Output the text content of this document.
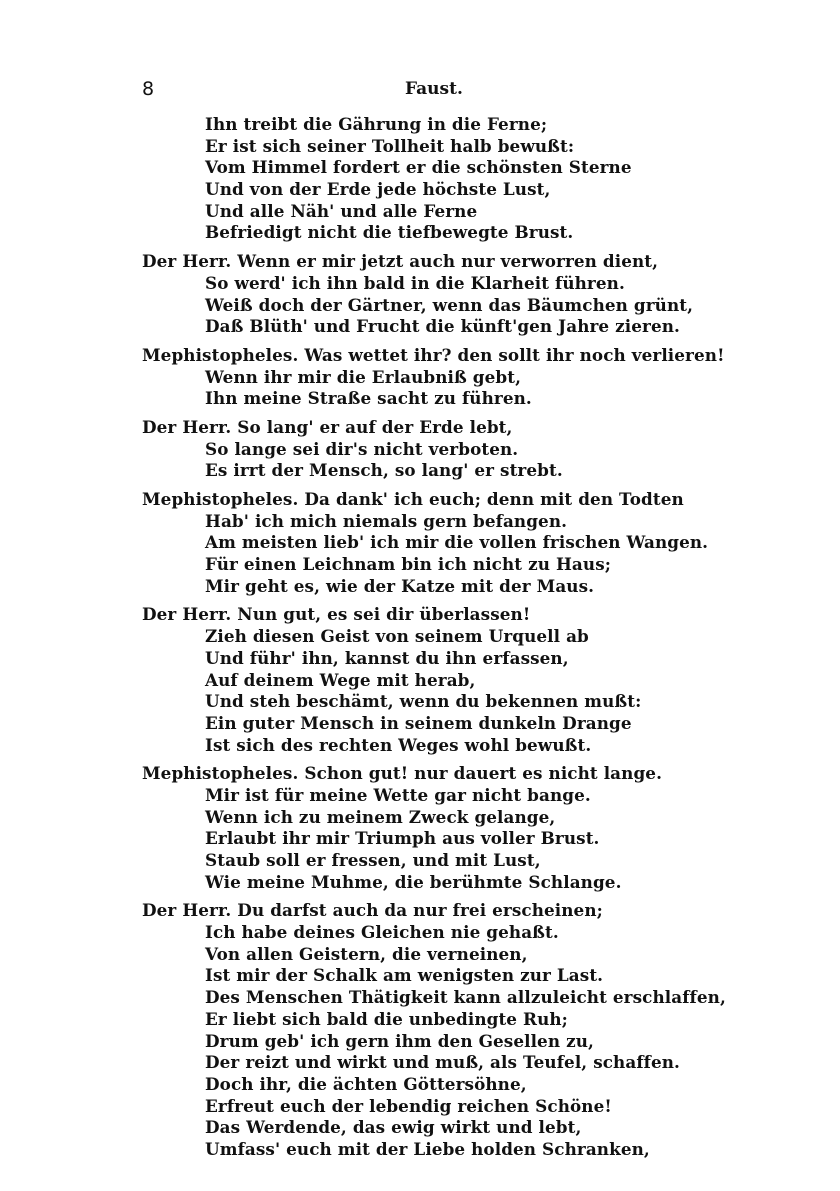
8	Faust.
Ihn treibt die Gährung in die Ferne;
Er ist sich seiner Tollheit halb bewußt:
Vom Himmel fordert er die schönsten Sterne
Und von der Erde jede höchste Lust,
Und alle Näh' und alle Ferne
Befriedigt nicht die tiefbewegte Brust.
Der Herr. Wenn er mir jetzt auch nur verworren dient,
So werd' ich ihn bald in die Klarheit führen.
Weiß doch der Gärtner, wenn das Bäumchen grünt,
Daß Blüth' und Frucht die künft'gen Jahre zieren.
Mephistopheles. Was wettet ihr? den sollt ihr noch verlieren!
Wenn ihr mir die Erlaubniß gebt,
Ihn meine Straße sacht zu führen.
Der Herr. So lang' er auf der Erde lebt,
So lange sei dir's nicht verboten.
Es irrt der Mensch, so lang' er strebt.
Mephistopheles. Da dank' ich euch; denn mit den Todten
Hab' ich mich niemals gern befangen.
Am meisten lieb' ich mir die vollen frischen Wangen.
Für einen Leichnam bin ich nicht zu Haus;
Mir geht es, wie der Katze mit der Maus.
Der Herr. Nun gut, es sei dir überlassen!
Zieh diesen Geist von seinem Urquell ab
Und führ' ihn, kannst du ihn erfassen,
Auf deinem Wege mit herab,
Und steh beschämt, wenn du bekennen mußt:
Ein guter Mensch in seinem dunkeln Drange
Ist sich des rechten Weges wohl bewußt.
Mephistopheles. Schon gut! nur dauert es nicht lange.
Mir ist für meine Wette gar nicht bange.
Wenn ich zu meinem Zweck gelange,
Erlaubt ihr mir Triumph aus voller Brust.
Staub soll er fressen, und mit Lust,
Wie meine Muhme, die berühmte Schlange.
Der Herr. Du darfst auch da nur frei erscheinen;
Ich habe deines Gleichen nie gehaßt.
Von allen Geistern, die verneinen,
Ist mir der Schalk am wenigsten zur Last.
Des Menschen Thätigkeit kann allzuleicht erschlaffen,
Er liebt sich bald die unbedingte Ruh;
Drum geb' ich gern ihm den Gesellen zu,
Der reizt und wirkt und muß, als Teufel, schaffen.
Doch ihr, die ächten Göttersöhne,
Erfreut euch der lebendig reichen Schöne!
Das Werdende, das ewig wirkt und lebt,
Umfass' euch mit der Liebe holden Schranken,
